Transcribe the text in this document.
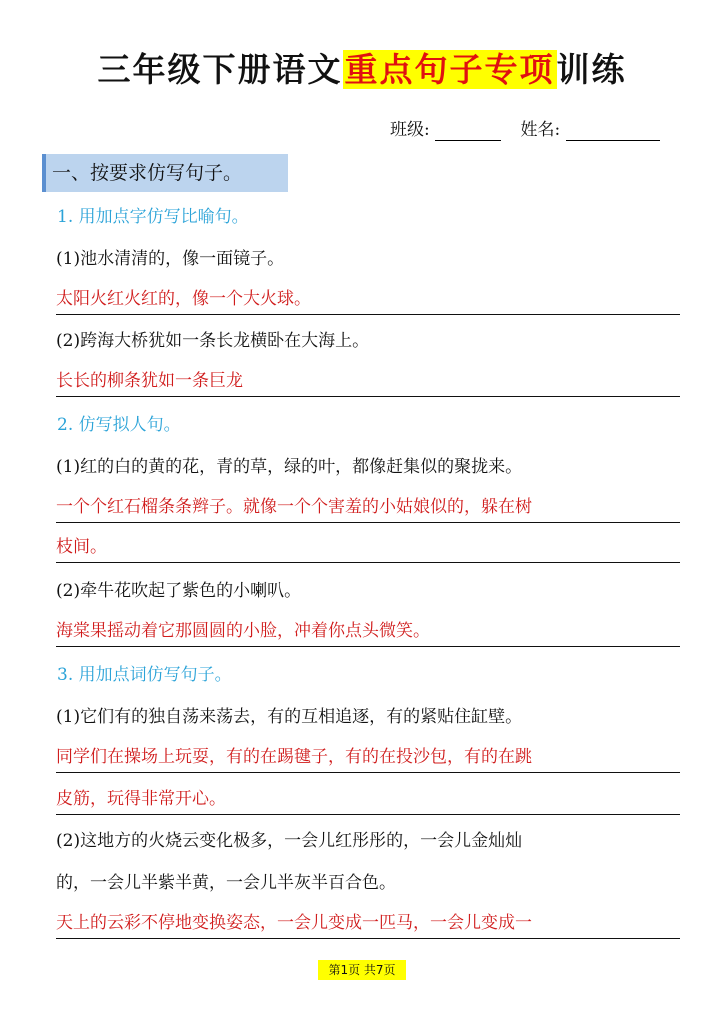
三年级下册语文重点句子专项训练
班级:	姓名:
一、按要求仿写句子。
1. 用加点字仿写比喻句。
(1)池水清清的，像一面镜子。
太阳火红火红的，像一个大火球。
(2)跨海大桥犹如一条长龙横卧在大海上。
长长的柳条犹如一条巨龙
2. 仿写拟人句。
(1)红的白的黄的花，青的草，绿的叶，都像赶集似的聚拢来。
一个个红石榴条条辫子。就像一个个害羞的小姑娘似的，躲在树
枝间。
(2)牵牛花吹起了紫色的小喇叭。
海棠果摇动着它那圆圆的小脸，冲着你点头微笑。
3. 用加点词仿写句子。
(1)它们有的独自荡来荡去，有的互相追逐，有的紧贴住缸壁。
同学们在操场上玩耍，有的在踢毽子，有的在投沙包，有的在跳
皮筋，玩得非常开心。
(2)这地方的火烧云变化极多，一会儿红彤彤的，一会儿金灿灿
的，一会儿半紫半黄，一会儿半灰半百合色。
天上的云彩不停地变换姿态，一会儿变成一匹马，一会儿变成一
第1页 共7页
